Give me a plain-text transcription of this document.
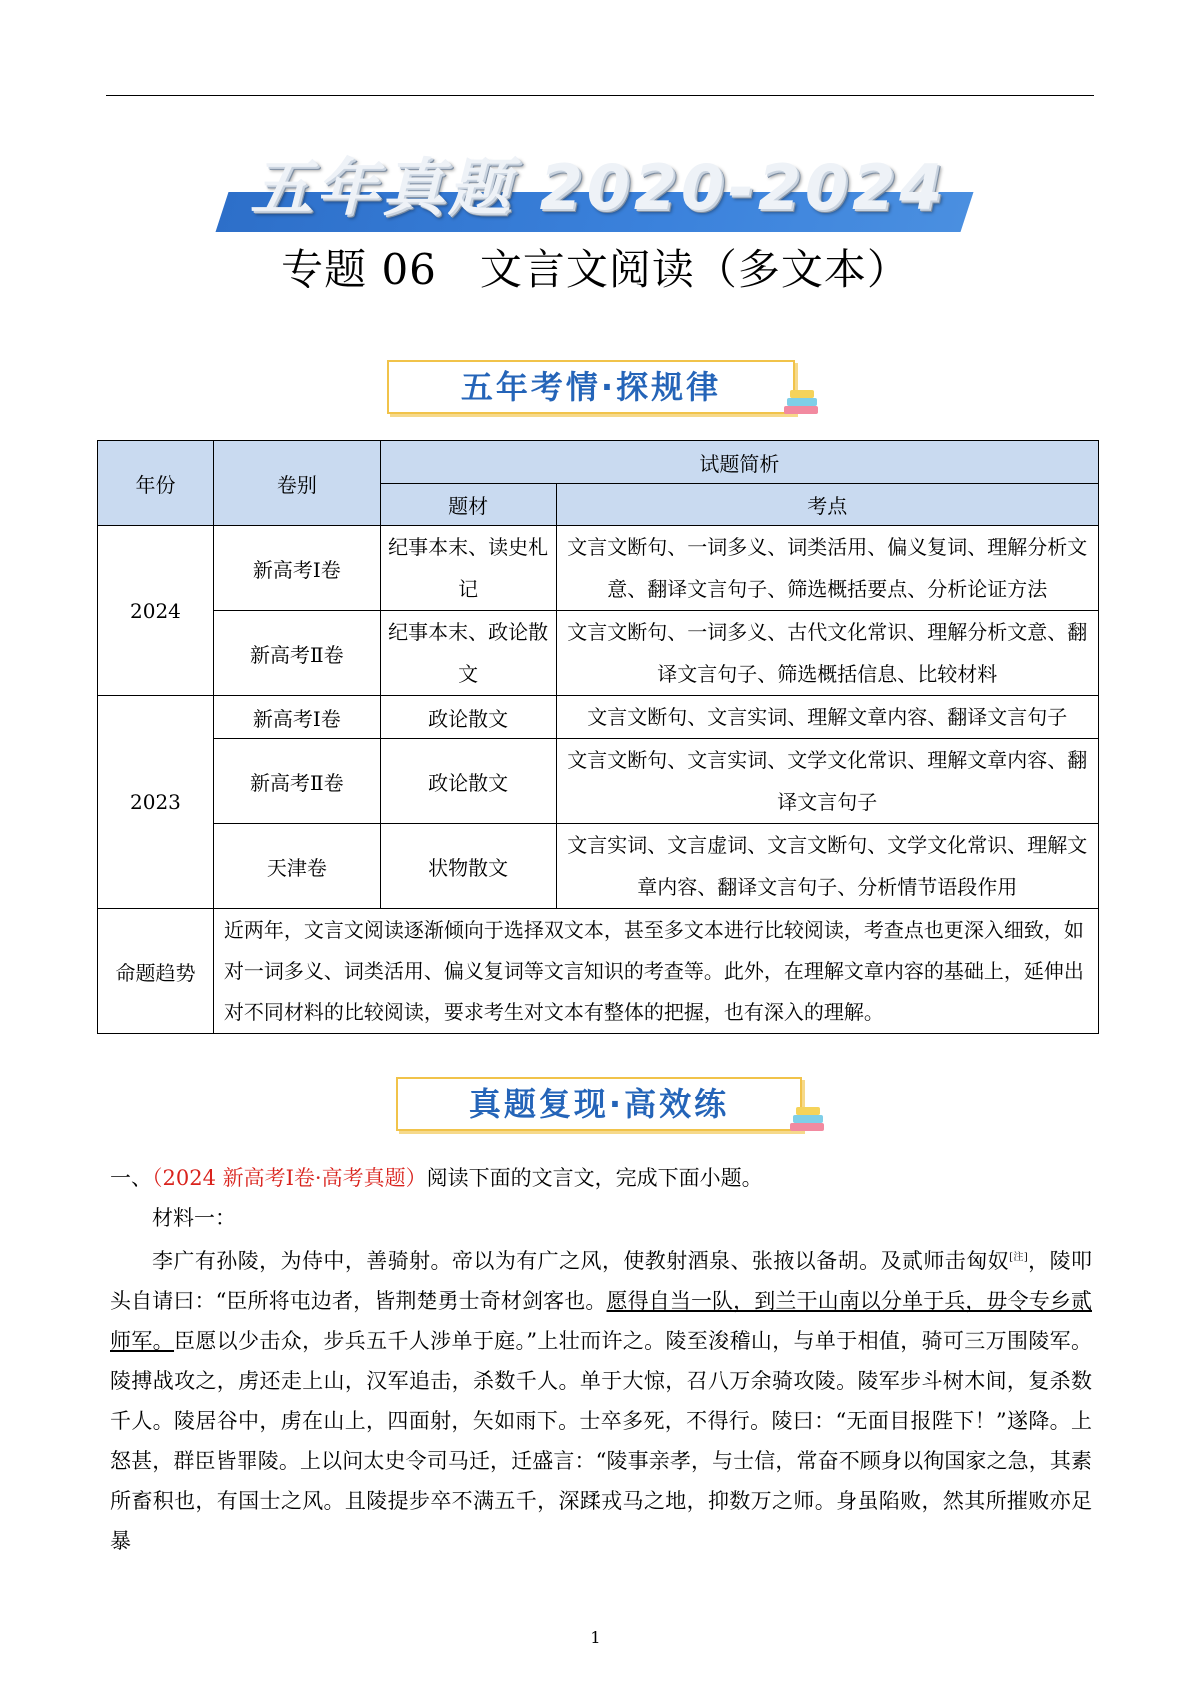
五年真题 2020-2024
专题 06　文言文阅读（多文本）
五年考情·探规律
年份	卷别	试题简析	
		题材	考点
2024	新高考Ⅰ卷	纪事本末、读史札记	文言文断句、一词多义、词类活用、偏义复词、理解分析文意、翻译文言句子、筛选概括要点、分析论证方法
	新高考Ⅱ卷	纪事本末、政论散文	文言文断句、一词多义、古代文化常识、理解分析文意、翻译文言句子、筛选概括信息、比较材料
2023	新高考Ⅰ卷	政论散文	文言文断句、文言实词、理解文章内容、翻译文言句子
	新高考Ⅱ卷	政论散文	文言文断句、文言实词、文学文化常识、理解文章内容、翻译文言句子
	天津卷	状物散文	文言实词、文言虚词、文言文断句、文学文化常识、理解文章内容、翻译文言句子、分析情节语段作用
命题趋势	近两年，文言文阅读逐渐倾向于选择双文本，甚至多文本进行比较阅读，考查点也更深入细致，如对一词多义、词类活用、偏义复词等文言知识的考查等。此外，在理解文章内容的基础上，延伸出对不同材料的比较阅读，要求考生对文本有整体的把握，也有深入的理解。		
真题复现·高效练
一、（2024 新高考Ⅰ卷·高考真题）阅读下面的文言文，完成下面小题。

材料一：

李广有孙陵，为侍中，善骑射。帝以为有广之风，使教射酒泉、张掖以备胡。及贰师击匈奴[注]，陵叩头自请曰：“臣所将屯边者，皆荆楚勇士奇材剑客也。愿得自当一队，到兰干山南以分单于兵，毋令专乡贰师军。臣愿以少击众，步兵五千人涉单于庭。”上壮而许之。陵至浚稽山，与单于相值，骑可三万围陵军。陵搏战攻之，虏还走上山，汉军追击，杀数千人。单于大惊，召八万余骑攻陵。陵军步斗树木间，复杀数千人。陵居谷中，虏在山上，四面射，矢如雨下。士卒多死，不得行。陵曰：“无面目报陛下！”遂降。上怒甚，群臣皆罪陵。上以问太史令司马迁，迁盛言：“陵事亲孝，与士信，常奋不顾身以徇国家之急，其素所畜积也，有国士之风。且陵提步卒不满五千，深蹂戎马之地，抑数万之师。身虽陷败，然其所摧败亦足暴

1
